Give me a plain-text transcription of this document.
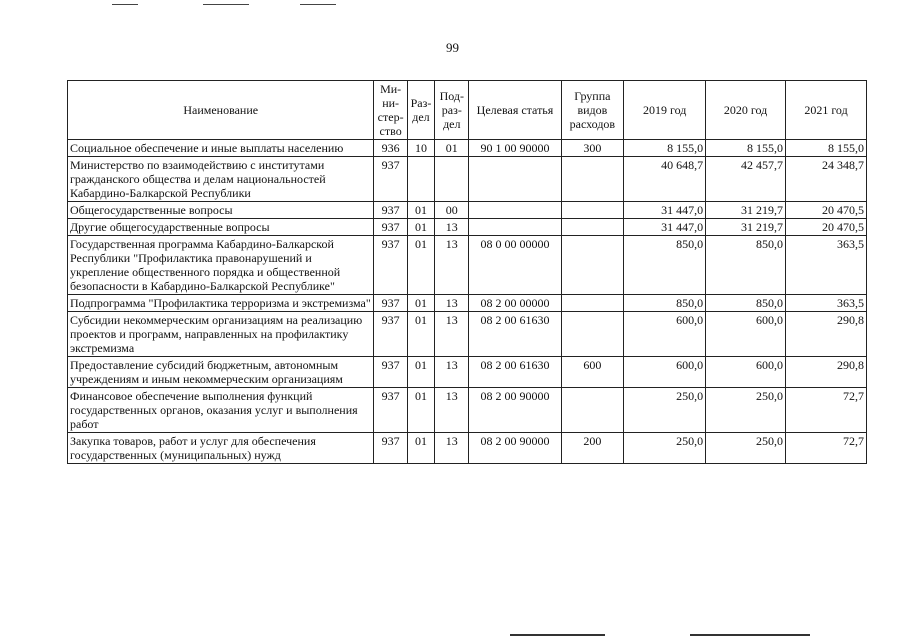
99
Наименование	Ми-ни-стер-ство	Раз-дел	Под-раз-дел	Целевая статья	Группа видов расходов	2019 год	2020 год	2021 год
Социальное обеспечение и иные выплаты населению	936	10	01	90 1 00 90000	300	8 155,0	8 155,0	8 155,0
Министерство по взаимодействию с институтами гражданского общества и делам национальностей Кабардино-Балкарской Республики	937					40 648,7	42 457,7	24 348,7
Общегосударственные вопросы	937	01	00			31 447,0	31 219,7	20 470,5
Другие общегосударственные вопросы	937	01	13			31 447,0	31 219,7	20 470,5
Государственная программа Кабардино-Балкарской Республики "Профилактика правонарушений и укрепление общественного порядка и общественной безопасности в Кабардино-Балкарской Республике"	937	01	13	08 0 00 00000		850,0	850,0	363,5
Подпрограмма "Профилактика терроризма и экстремизма"	937	01	13	08 2 00 00000		850,0	850,0	363,5
Субсидии некоммерческим организациям на реализацию проектов и программ, направленных на профилактику экстремизма	937	01	13	08 2 00 61630		600,0	600,0	290,8
Предоставление субсидий бюджетным, автономным учреждениям и иным некоммерческим организациям	937	01	13	08 2 00 61630	600	600,0	600,0	290,8
Финансовое обеспечение выполнения функций государственных органов, оказания услуг и выполнения работ	937	01	13	08 2 00 90000		250,0	250,0	72,7
Закупка товаров, работ и услуг для обеспечения государственных (муниципальных) нужд	937	01	13	08 2 00 90000	200	250,0	250,0	72,7
